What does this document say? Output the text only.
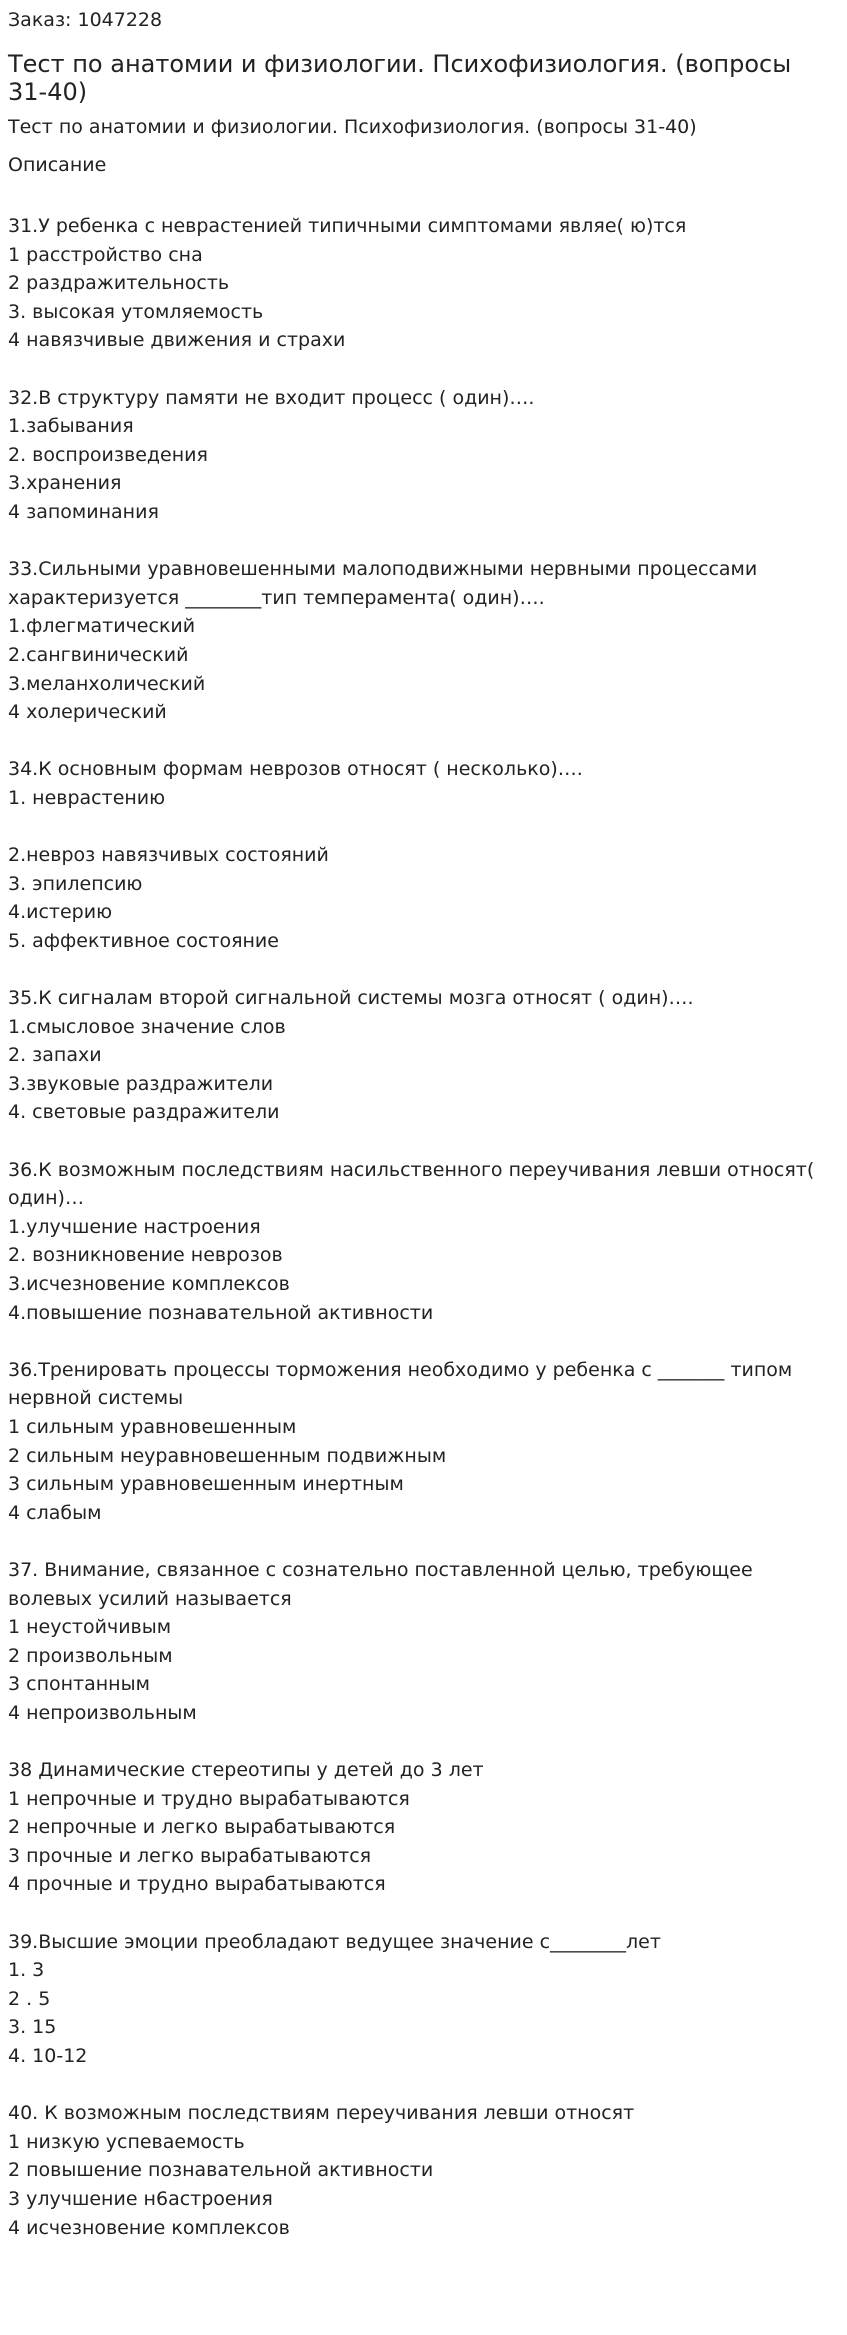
Заказ: 1047228
Тест по анатомии и физиологии. Психофизиология. (вопросы 31-40)
Тест по анатомии и физиологии. Психофизиология. (вопросы 31-40)
Описание
31.У ребенка с неврастенией типичными симптомами являе( ю)тся
1 расстройство сна
2 раздражительность
3. высокая утомляемость
4 навязчивые движения и страхи
32.В структуру памяти не входит процесс ( один)….
1.забывания
2. воспроизведения
3.хранения
4 запоминания
33.Сильными уравновешенными малоподвижными нервными процессами характеризуется ________тип темперамента( один)….
1.флегматический
2.сангвинический
3.меланхолический
4 холерический
34.К основным формам неврозов относят ( несколько)….
1. неврастению
2.невроз навязчивых состояний
3. эпилепсию
4.истерию
5. аффективное состояние
35.К сигналам второй сигнальной системы мозга относят ( один)….
1.смысловое значение слов
2. запахи
3.звуковые раздражители
4. световые раздражители
36.К возможным последствиям насильственного переучивания левши относят( один)…
1.улучшение настроения
2. возникновение неврозов
3.исчезновение комплексов
4.повышение познавательной активности
36.Тренировать процессы торможения необходимо у ребенка с _______ типом нервной системы
1 сильным уравновешенным
2 сильным неуравновешенным подвижным
3 сильным уравновешенным инертным
4 слабым
37. Внимание, связанное с сознательно поставленной целью, требующее волевых усилий называется
1 неустойчивым
2 произвольным
3 спонтанным
4 непроизвольным
38 Динамические стереотипы у детей до 3 лет
1 непрочные и трудно вырабатываются
2 непрочные и легко вырабатываются
3 прочные и легко вырабатываются
4 прочные и трудно вырабатываются
39.Высшие эмоции преобладают ведущее значение с________лет
1. 3
2 . 5
3. 15
4. 10-12
40. К возможным последствиям переучивания левши относят
1 низкую успеваемость
2 повышение познавательной активности
3 улучшение н6астроения
4 исчезновение комплексов
